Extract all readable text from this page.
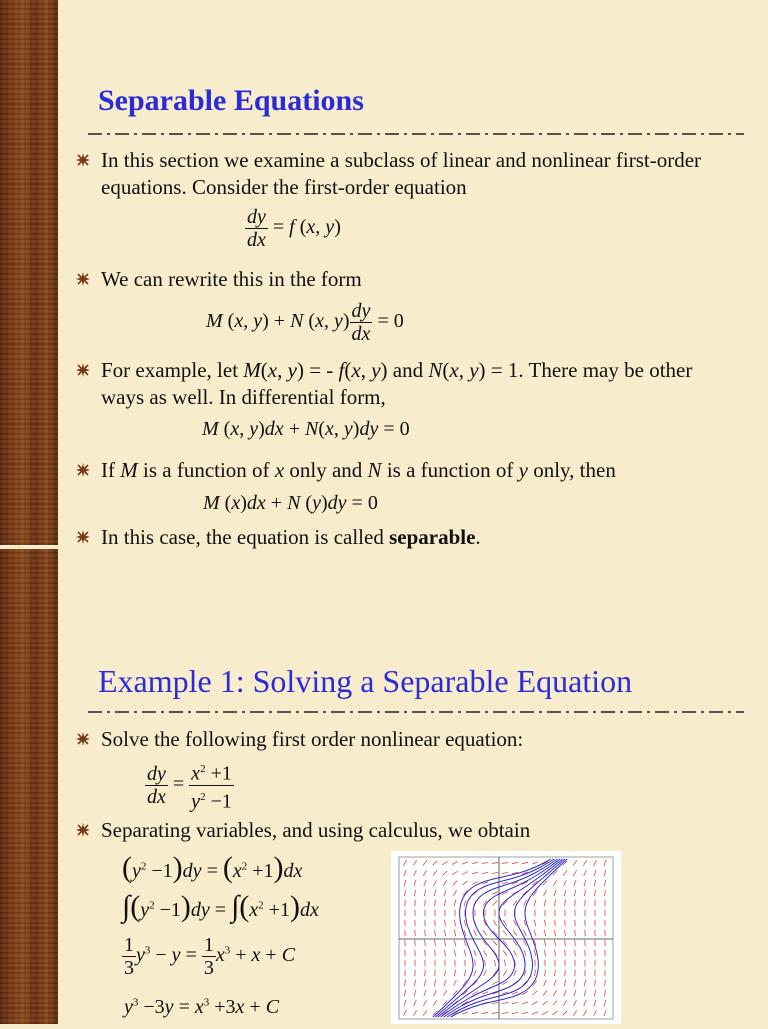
Separable Equations
In this section we examine a subclass of linear and nonlinear first-order equations. Consider the first-order equation
$\frac{dy}{dx} = f$ (x, y)
We can rewrite this in the form
M (x, y) + N (x, $y) \frac{dy}{dx} = 0$
For example, let M(x, y) = - f(x, y) and N(x, y) = 1. There may be other ways as well. In differential form,
M (x, y)dx + N(x, y)dy = 0
If M is a function of x only and N is a function of y only, then
M (x)dx + N (y)dy = 0
In this case, the equation is called separable.
Example 1: Solving a Separable Equation
Solve the following first order nonlinear equation:
$\frac{dy}{dx} = \frac{x^2 +1}{y^2 -1}$
Separating variables, and using calculus, we obtain
$(y^2 -1)dy = (x^2 +1)dx$
$\int(y^2 -1)dy = \int(x^2 +1)dx$
$\frac{1}{3} y^3 - y = \frac{1}{3} x^3 + x + C$
$y^3 -3y = x^3 +3x + C$
